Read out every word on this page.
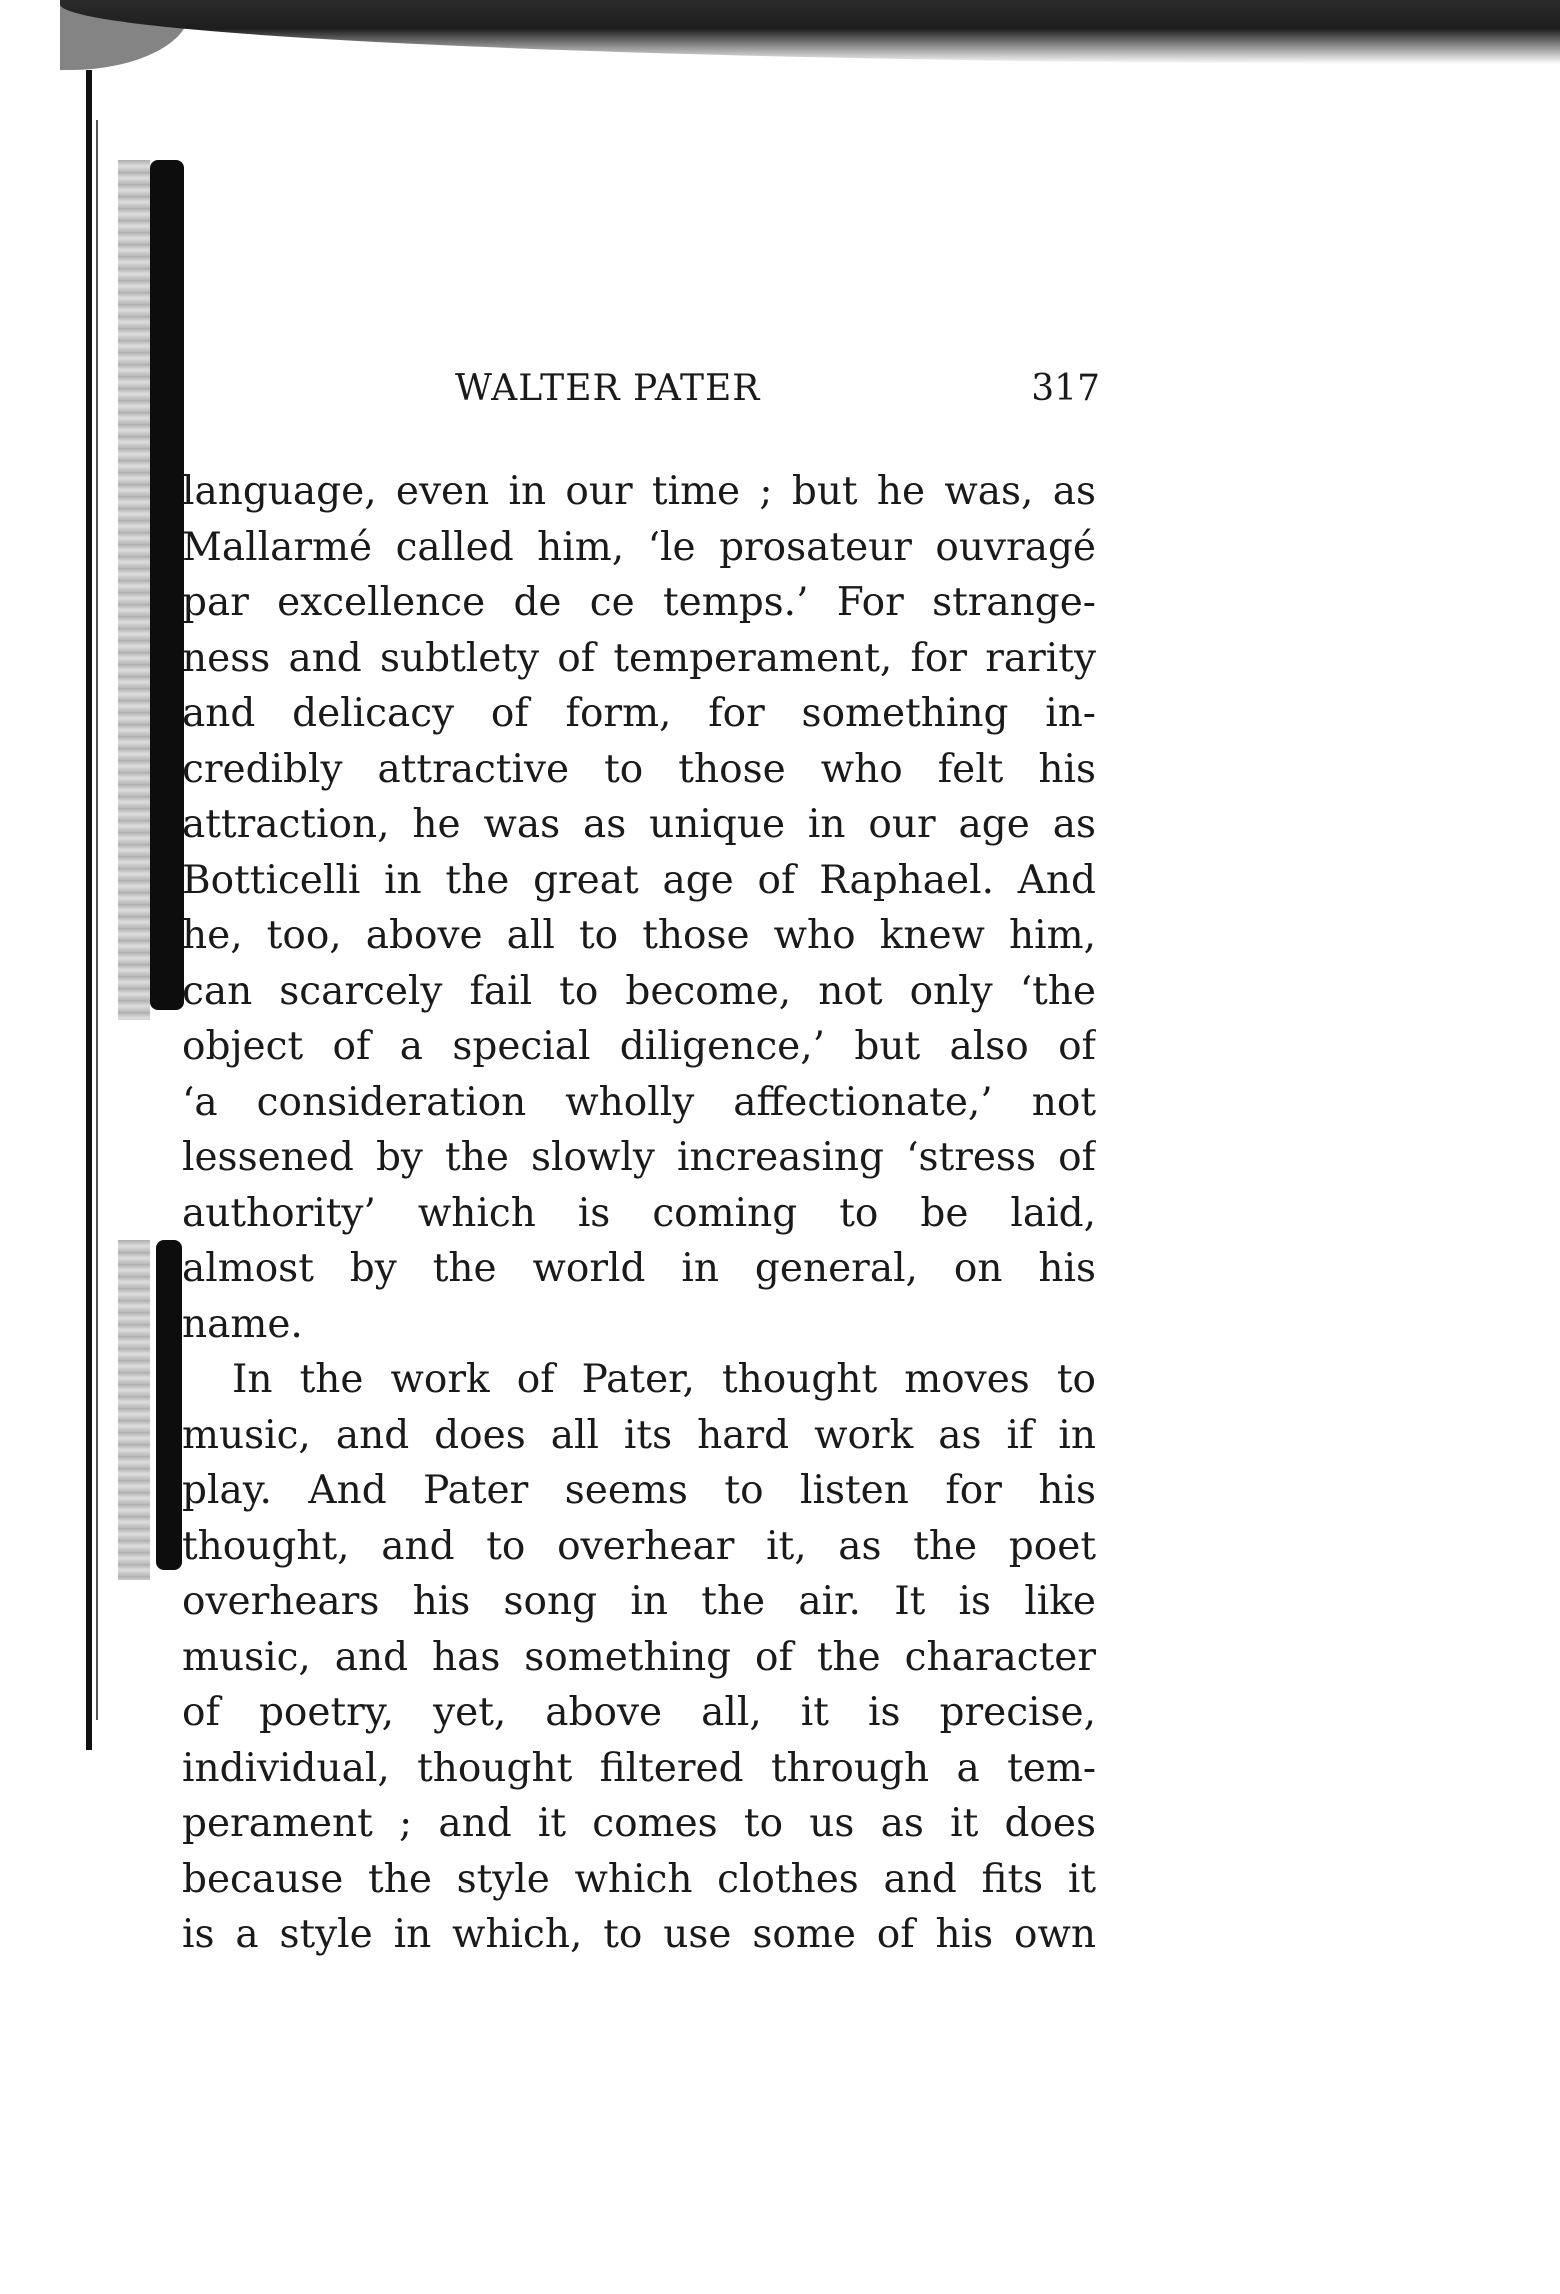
WALTER PATER	317
language, even in our time ; but he was, as
Mallarmé called him, ‘le prosateur ouvragé
par excellence de ce temps.’ For strange-
ness and subtlety of temperament, for rarity
and delicacy of form, for something in-
credibly attractive to those who felt his
attraction, he was as unique in our age as
Botticelli in the great age of Raphael. And
he, too, above all to those who knew him,
can scarcely fail to become, not only ‘the
object of a special diligence,’ but also of
‘a consideration wholly affectionate,’ not
lessened by the slowly increasing ‘stress of
authority’ which is coming to be laid,
almost by the world in general, on his
name.
In the work of Pater, thought moves to
music, and does all its hard work as if in
play. And Pater seems to listen for his
thought, and to overhear it, as the poet
overhears his song in the air. It is like
music, and has something of the character
of poetry, yet, above all, it is precise,
individual, thought filtered through a tem-
perament ; and it comes to us as it does
because the style which clothes and fits it
is a style in which, to use some of his own
